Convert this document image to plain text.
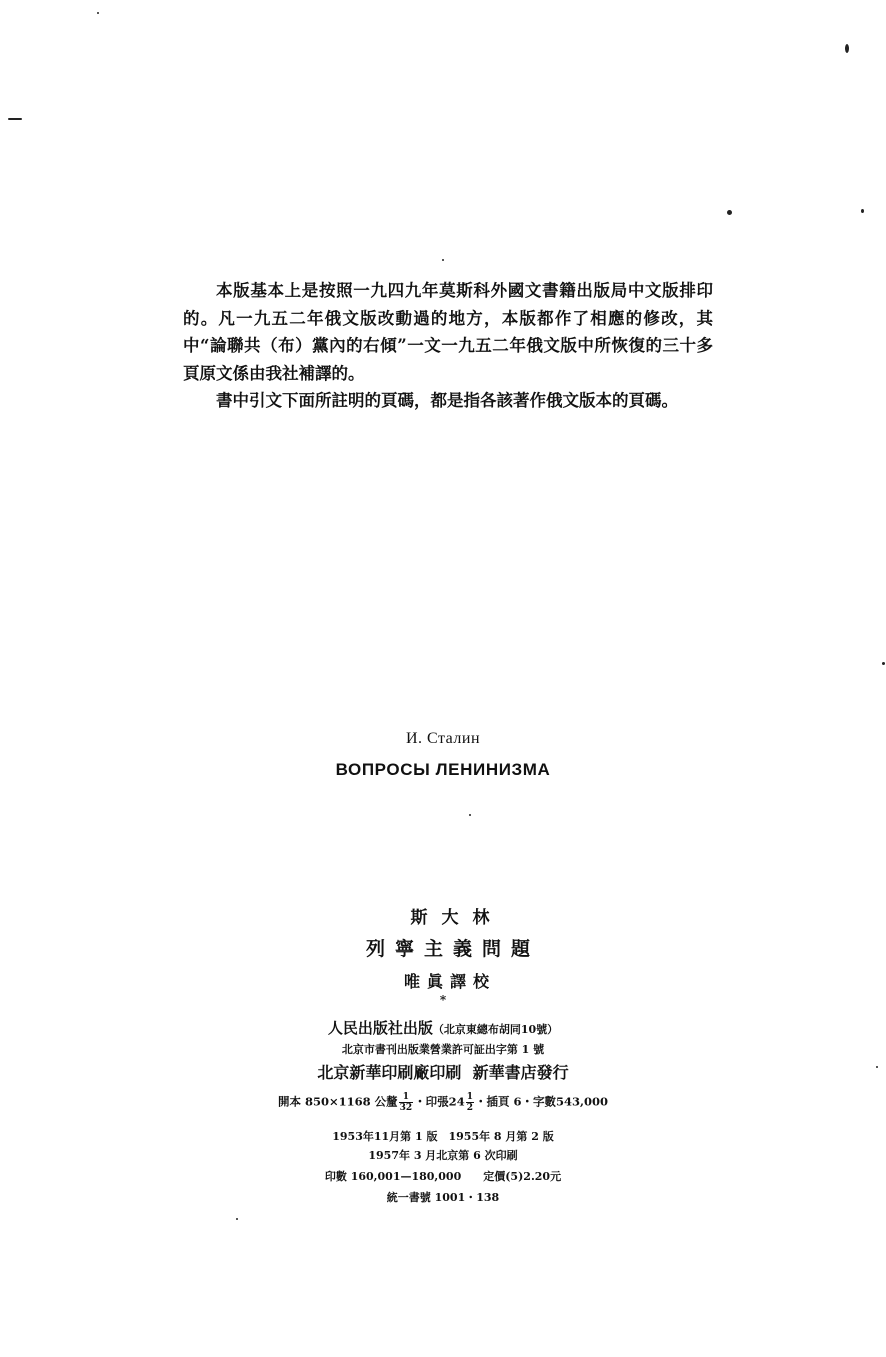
本版基本上是按照一九四九年莫斯科外國文書籍出版局中文版排印的。凡一九五二年俄文版改動過的地方，本版都作了相應的修改，其中“論聯共（布）黨內的右傾”一文一九五二年俄文版中所恢復的三十多頁原文係由我社補譯的。

書中引文下面所註明的頁碼，都是指各該著作俄文版本的頁碼。

И. Сталин
ВОПРОСЫ ЛЕНИНИЗМА
斯大林
列寧主義問題
唯眞譯校
*
人民出版社出版（北京東總布胡同10號）
北京市書刊出版業營業許可証出字第 1 號
北京新華印刷廠印刷 新華書店發行
開本 850×1168 公釐 $\frac{1}{32}$ ・印張$24 \frac{1}{2}$ ・插頁 6・字數543,000
1953年11月第 1 版　1955年 8 月第 2 版
1957年 3 月北京第 6 次印刷
印數 160,001—180,000　　定價(5)2.20元
統一書號 1001・138
